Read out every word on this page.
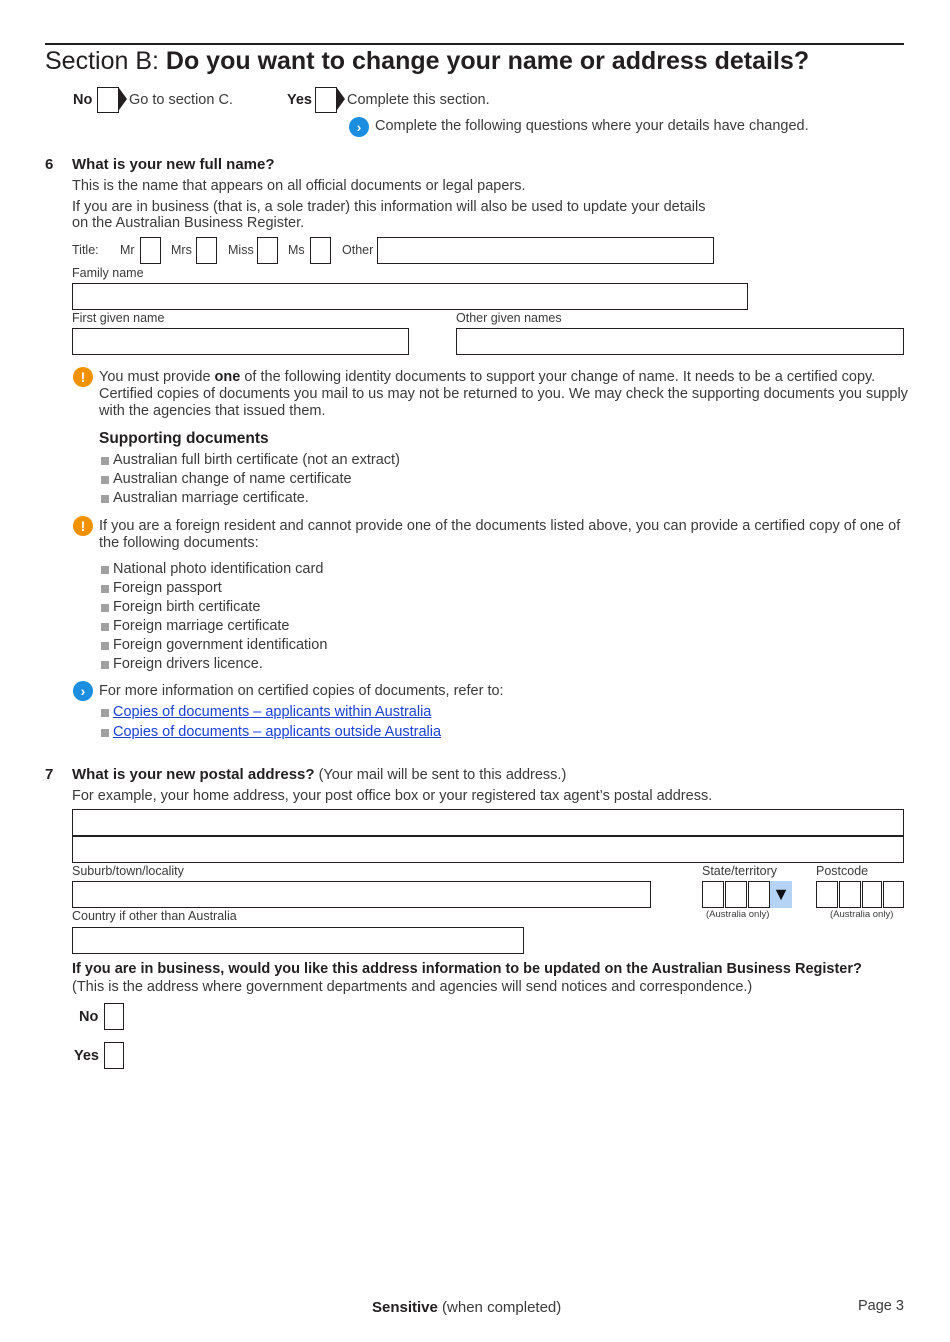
Section B: Do you want to change your name or address details?
No	Go to section C.	Yes Complete this section.
› Complete the following questions where your details have changed.
6 What is your new full name?
This is the name that appears on all official documents or legal papers.
If you are in business (that is, a sole trader) this information will also be used to update your details
on the Australian Business Register.
Title: Mr	Mrs	Miss	Ms	Other
Family name
First given name	Other given names
! You must provide one of the following identity documents to support your change of name. It needs to be a certified copy.
Certified copies of documents you mail to us may not be returned to you. We may check the supporting documents you supply
with the agencies that issued them.
Supporting documents
Australian full birth certificate (not an extract)
Australian change of name certificate
Australian marriage certificate.
! If you are a foreign resident and cannot provide one of the documents listed above, you can provide a certified copy of one of
the following documents:
National photo identification card
Foreign passport
Foreign birth certificate
Foreign marriage certificate
Foreign government identification
Foreign drivers licence.
› For more information on certified copies of documents, refer to:
Copies of documents – applicants within Australia
Copies of documents – applicants outside Australia
7 What is your new postal address? (Your mail will be sent to this address.)
For example, your home address, your post office box or your registered tax agent’s postal address.
Suburb/town/locality	State/territory
▼
(Australia only)
Postcode
(Australia only)
Country if other than Australia
If you are in business, would you like this address information to be updated on the Australian Business Register?
(This is the address where government departments and agencies will send notices and correspondence.)
No
Yes
Sensitive (when completed)	Page 3
